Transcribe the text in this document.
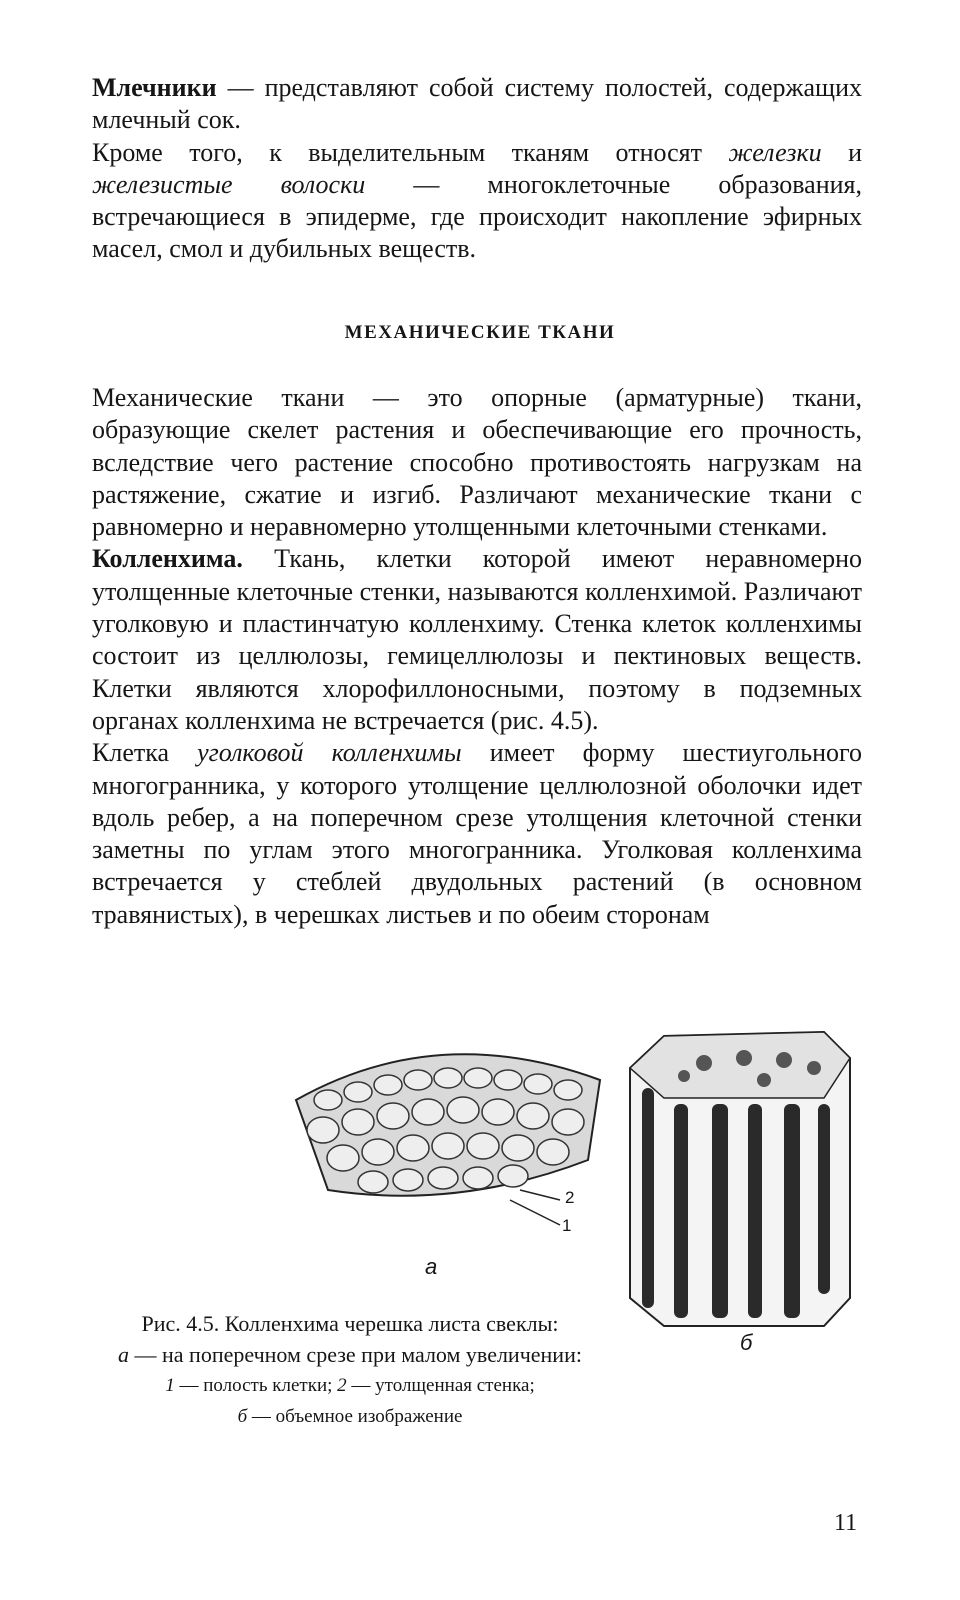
Млечники — представляют собой систему полостей, содержащих млечный сок.

Кроме того, к выделительным тканям относят железки и железистые волоски — многоклеточные образования, встречающиеся в эпидерме, где происходит накопление эфирных масел, смол и дубильных веществ.

МЕХАНИЧЕСКИЕ ТКАНИ

Механические ткани — это опорные (арматурные) ткани, образующие скелет растения и обеспечивающие его прочность, вследствие чего растение способно противостоять нагрузкам на растяжение, сжатие и изгиб. Различают механические ткани с равномерно и неравномерно утолщенными клеточными стенками.

Колленхима. Ткань, клетки которой имеют неравномерно утолщенные клеточные стенки, называются колленхимой. Различают уголковую и пластинчатую колленхиму. Стенка клеток колленхимы состоит из целлюлозы, гемицеллюлозы и пектиновых веществ. Клетки являются хлорофиллоносными, поэтому в подземных органах колленхима не встречается (рис. 4.5).

Клетка уголковой колленхимы имеет форму шестиугольного многогранника, у которого утолщение целлюлозной оболочки идет вдоль ребер, а на поперечном срезе утолщения клеточной стенки заметны по углам этого многогранника. Уголковая колленхима встречается у стеблей двудольных растений (в основном травянистых), в черешках листьев и по обеим сторонам

2
1
а
б
Рис. 4.5. Колленхима черешка листа свеклы:
а — на поперечном срезе при малом увеличении:
1 — полость клетки; 2 — утолщенная стенка;
б — объемное изображение
11
